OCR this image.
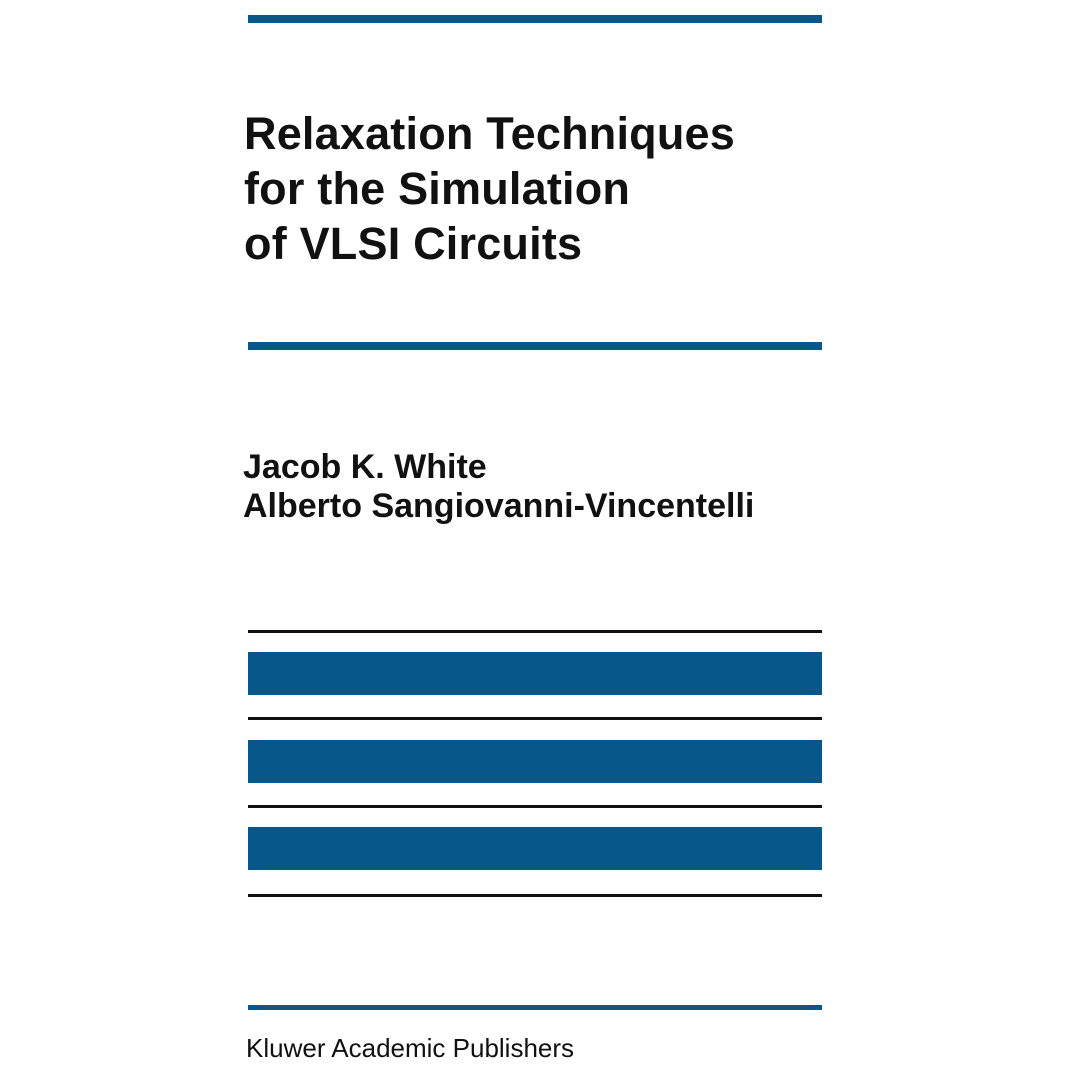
Relaxation Techniques
for the Simulation
of VLSI Circuits
Jacob K. White
Alberto Sangiovanni-Vincentelli

Kluwer Academic Publishers
